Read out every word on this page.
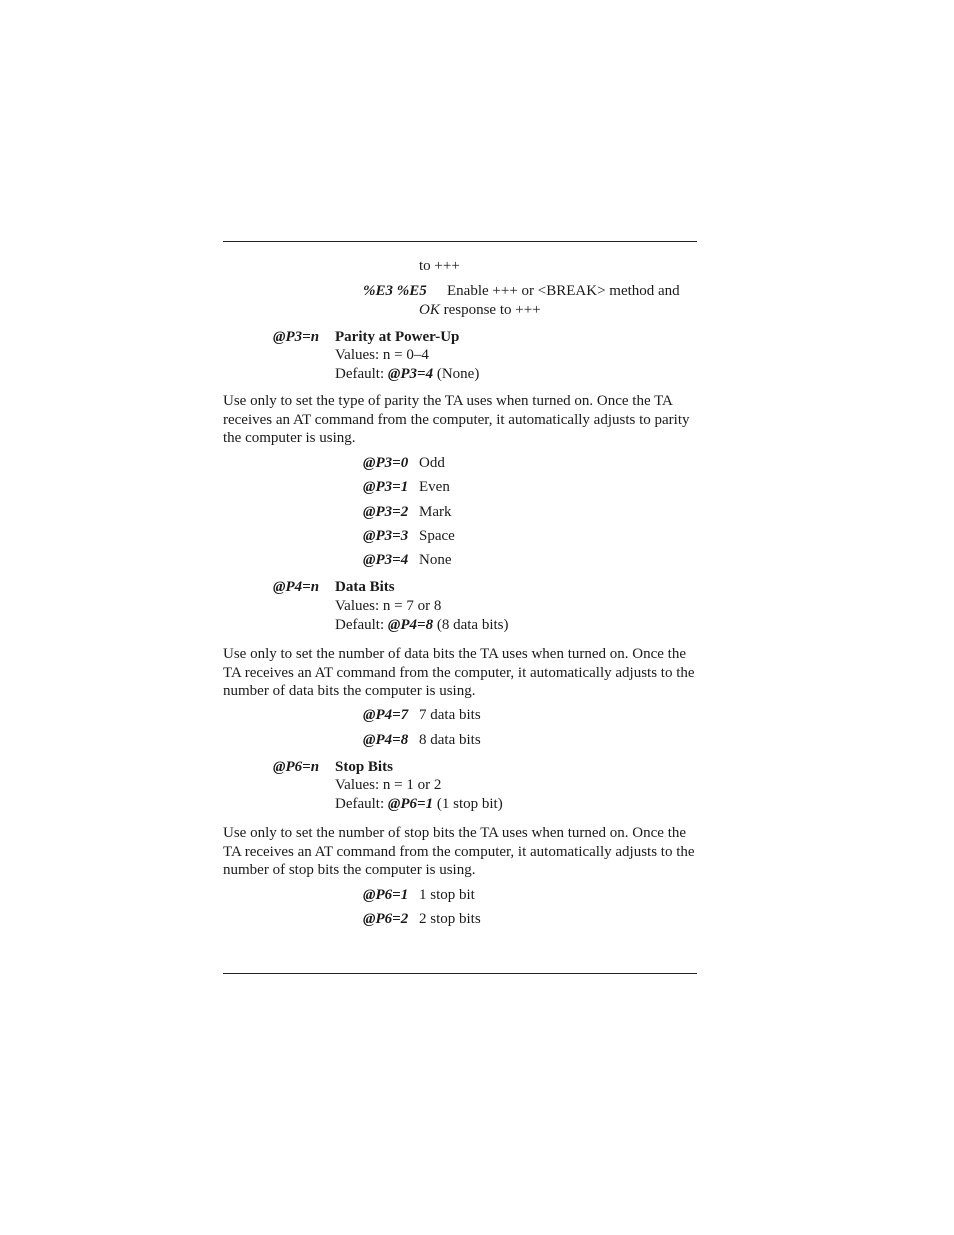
to +++
%E3 %E5 Enable +++ or <BREAK> method and
OK response to +++
@P3=n Parity at Power-Up
Values: n = 0–4
Default: @P3=4 (None)
Use only to set the type of parity the TA uses when turned on. Once the TA receives an AT command from the computer, it automatically adjusts to parity the computer is using.
@P3=0 Odd
@P3=1 Even
@P3=2 Mark
@P3=3 Space
@P3=4 None
@P4=n Data Bits
Values: n = 7 or 8
Default: @P4=8 (8 data bits)
Use only to set the number of data bits the TA uses when turned on. Once the TA receives an AT command from the computer, it automatically adjusts to the number of data bits the computer is using.
@P4=7 7 data bits
@P4=8 8 data bits
@P6=n Stop Bits
Values: n = 1 or 2
Default: @P6=1 (1 stop bit)
Use only to set the number of stop bits the TA uses when turned on. Once the TA receives an AT command from the computer, it automatically adjusts to the number of stop bits the computer is using.
@P6=1 1 stop bit
@P6=2 2 stop bits
